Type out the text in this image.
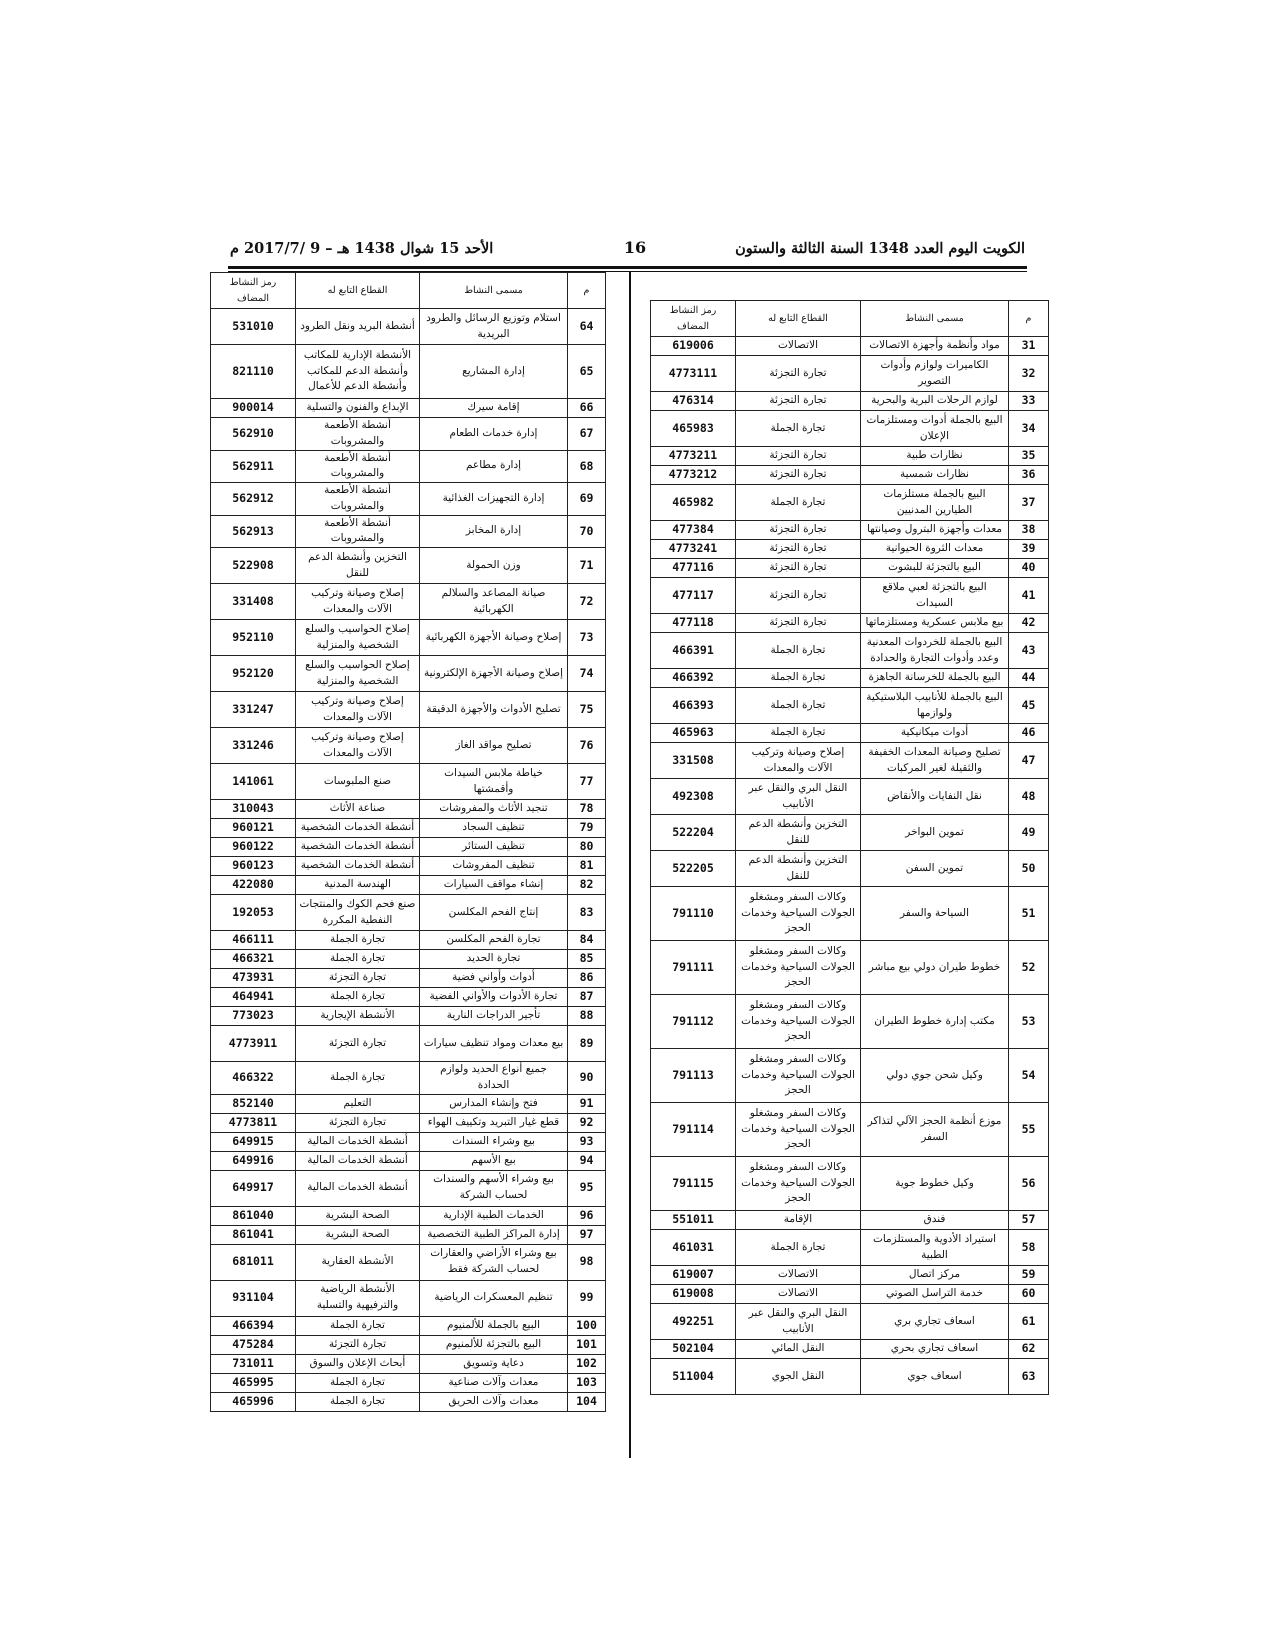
الكويت اليوم العدد 1348 السنة الثالثة والستون
16
الأحد 15 شوال 1438 هـ – 9 /2017/7 م
م	مسمى النشاط	القطاع التابع له	رمز النشاط المضاف
31	مواد وأنظمة وأجهزة الاتصالات	الاتصالات	619006
32	الكاميرات ولوازم وأدوات التصوير	تجارة التجزئة	4773111
33	لوازم الرحلات البرية والبحرية	تجارة التجزئة	476314
34	البيع بالجملة أدوات ومستلزمات الإعلان	تجارة الجملة	465983
35	نظارات طبية	تجارة التجزئة	4773211
36	نظارات شمسية	تجارة التجزئة	4773212
37	البيع بالجملة مستلزمات الطيارين المدنيين	تجارة الجملة	465982
38	معدات وأجهزة البترول وصيانتها	تجارة التجزئة	477384
39	معدات الثروة الحيوانية	تجارة التجزئة	4773241
40	البيع بالتجزئة للبشوت	تجارة التجزئة	477116
41	البيع بالتجزئة لعبي ملاقع السيدات	تجارة التجزئة	477117
42	بيع ملابس عسكرية ومستلزماتها	تجارة التجزئة	477118
43	البيع بالجملة للخردوات المعدنية وعدد وأدوات التجارة والحدادة	تجارة الجملة	466391
44	البيع بالجملة للخرسانة الجاهزة	تجارة الجملة	466392
45	البيع بالجملة للأنابيب البلاستيكية ولوازمها	تجارة الجملة	466393
46	أدوات ميكانيكية	تجارة الجملة	465963
47	تصليح وصيانة المعدات الخفيفة والثقيلة لغير المركبات	إصلاح وصيانة وتركيب الآلات والمعدات	331508
48	نقل النفايات والأنقاض	النقل البري والنقل عبر الأنابيب	492308
49	تموين البواخر	التخزين وأنشطة الدعم للنقل	522204
50	تموين السفن	التخزين وأنشطة الدعم للنقل	522205
51	السياحة والسفر	وكالات السفر ومشغلو الجولات السياحية وخدمات الحجز	791110
52	خطوط طيران دولي بيع مباشر	وكالات السفر ومشغلو الجولات السياحية وخدمات الحجز	791111
53	مكتب إدارة خطوط الطيران	وكالات السفر ومشغلو الجولات السياحية وخدمات الحجز	791112
54	وكيل شحن جوي دولي	وكالات السفر ومشغلو الجولات السياحية وخدمات الحجز	791113
55	موزع أنظمة الحجز الآلي لتذاكر السفر	وكالات السفر ومشغلو الجولات السياحية وخدمات الحجز	791114
56	وكيل خطوط جوية	وكالات السفر ومشغلو الجولات السياحية وخدمات الحجز	791115
57	فندق	الإقامة	551011
58	استيراد الأدوية والمستلزمات الطبية	تجارة الجملة	461031
59	مركز اتصال	الاتصالات	619007
60	خدمة التراسل الصوتي	الاتصالات	619008
61	اسعاف تجاري بري	النقل البري والنقل عبر الأنابيب	492251
62	اسعاف تجاري بحري	النقل المائي	502104
63	اسعاف جوي	النقل الجوي	511004
م	مسمى النشاط	القطاع التابع له	رمز النشاط المضاف
64	استلام وتوزيع الرسائل والطرود البريدية	أنشطة البريد ونقل الطرود	531010
65	إدارة المشاريع	الأنشطة الإدارية للمكاتب وأنشطة الدعم للمكاتب وأنشطة الدعم للأعمال	821110
66	إقامة سيرك	الإبداع والفنون والتسلية	900014
67	إدارة خدمات الطعام	أنشطة الأطعمة والمشروبات	562910
68	إدارة مطاعم	أنشطة الأطعمة والمشروبات	562911
69	إدارة التجهيزات الغذائية	أنشطة الأطعمة والمشروبات	562912
70	إدارة المخابز	أنشطة الأطعمة والمشروبات	562913
71	وزن الحمولة	التخزين وأنشطة الدعم للنقل	522908
72	صيانة المصاعد والسلالم الكهربائية	إصلاح وصيانة وتركيب الآلات والمعدات	331408
73	إصلاح وصيانة الأجهزة الكهربائية	إصلاح الحواسيب والسلع الشخصية والمنزلية	952110
74	إصلاح وصيانة الأجهزة الإلكترونية	إصلاح الحواسيب والسلع الشخصية والمنزلية	952120
75	تصليح الأدوات والأجهزة الدقيقة	إصلاح وصيانة وتركيب الآلات والمعدات	331247
76	تصليح مواقد الغاز	إصلاح وصيانة وتركيب الآلات والمعدات	331246
77	خياطة ملابس السيدات وأقمشتها	صنع الملبوسات	141061
78	تنجيد الأثاث والمفروشات	صناعة الأثاث	310043
79	تنظيف السجاد	أنشطة الخدمات الشخصية	960121
80	تنظيف الستائر	أنشطة الخدمات الشخصية	960122
81	تنظيف المفروشات	أنشطة الخدمات الشخصية	960123
82	إنشاء مواقف السيارات	الهندسة المدنية	422080
83	إنتاج الفحم المكلسن	صنع فحم الكوك والمنتجات النفطية المكررة	192053
84	تجارة الفحم المكلسن	تجارة الجملة	466111
85	تجارة الحديد	تجارة الجملة	466321
86	أدوات وأواني فضية	تجارة التجزئة	473931
87	تجارة الأدوات والأواني الفضية	تجارة الجملة	464941
88	تأجير الدراجات النارية	الأنشطة الإيجارية	773023
89	بيع معدات ومواد تنظيف سيارات	تجارة التجزئة	4773911
90	جميع أنواع الحديد ولوازم الحدادة	تجارة الجملة	466322
91	فتح وإنشاء المدارس	التعليم	852140
92	قطع غيار التبريد وتكييف الهواء	تجارة التجزئة	4773811
93	بيع وشراء السندات	أنشطة الخدمات المالية	649915
94	بيع الأسهم	أنشطة الخدمات المالية	649916
95	بيع وشراء الأسهم والسندات لحساب الشركة	أنشطة الخدمات المالية	649917
96	الخدمات الطبية الإدارية	الصحة البشرية	861040
97	إدارة المراكز الطبية التخصصية	الصحة البشرية	861041
98	بيع وشراء الأراضي والعقارات لحساب الشركة فقط	الأنشطة العقارية	681011
99	تنظيم المعسكرات الرياضية	الأنشطة الرياضية والترفيهية والتسلية	931104
100	البيع بالجملة للألمنيوم	تجارة الجملة	466394
101	البيع بالتجزئة للألمنيوم	تجارة التجزئة	475284
102	دعاية وتسويق	أبحاث الإعلان والسوق	731011
103	معدات وآلات صناعية	تجارة الجملة	465995
104	معدات وآلات الحريق	تجارة الجملة	465996
